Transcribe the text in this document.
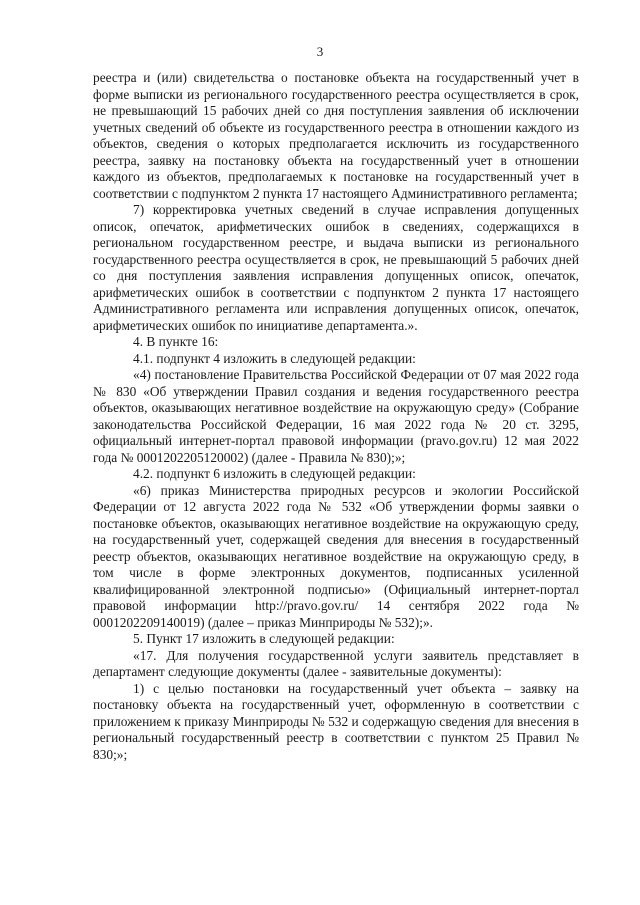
3

реестра и (или) свидетельства о постановке объекта на государственный учет в форме выписки из регионального государственного реестра осуществляется в срок, не превышающий 15 рабочих дней со дня поступления заявления об исключении учетных сведений об объекте из государственного реестра в отношении каждого из объектов, сведения о которых предполагается исключить из государственного реестра, заявку на постановку объекта на государственный учет в отношении каждого из объектов, предполагаемых к постановке на государственный учет в соответствии с подпунктом 2 пункта 17 настоящего Административного регламента;

7) корректировка учетных сведений в случае исправления допущенных описок, опечаток, арифметических ошибок в сведениях, содержащихся в региональном государственном реестре, и выдача выписки из регионального государственного реестра осуществляется в срок, не превышающий 5 рабочих дней со дня поступления заявления исправления допущенных описок, опечаток, арифметических ошибок в соответствии с подпунктом 2 пункта 17 настоящего Административного регламента или исправления допущенных описок, опечаток, арифметических ошибок по инициативе департамента.».

4. В пункте 16:

4.1. подпункт 4 изложить в следующей редакции:

«4) постановление Правительства Российской Федерации от 07 мая 2022 года № 830 «Об утверждении Правил создания и ведения государственного реестра объектов, оказывающих негативное воздействие на окружающую среду» (Собрание законодательства Российской Федерации, 16 мая 2022 года № 20 ст. 3295, официальный интернет-портал правовой информации (pravo.gov.ru) 12 мая 2022 года № 0001202205120002) (далее - Правила № 830);»;

4.2. подпункт 6 изложить в следующей редакции:

«6) приказ Министерства природных ресурсов и экологии Российской Федерации от 12 августа 2022 года № 532 «Об утверждении формы заявки о постановке объектов, оказывающих негативное воздействие на окружающую среду, на государственный учет, содержащей сведения для внесения в государственный реестр объектов, оказывающих негативное воздействие на окружающую среду, в том числе в форме электронных документов, подписанных усиленной квалифицированной электронной подписью» (Официальный интернет-портал правовой информации http://pravo.gov.ru/ 14 сентября 2022 года № 0001202209140019) (далее – приказ Минприроды № 532);».

5. Пункт 17 изложить в следующей редакции:

«17. Для получения государственной услуги заявитель представляет в департамент следующие документы (далее - заявительные документы):

1) с целью постановки на государственный учет объекта – заявку на постановку объекта на государственный учет, оформленную в соответствии с приложением к приказу Минприроды № 532 и содержащую сведения для внесения в региональный государственный реестр в соответствии с пунктом 25 Правил № 830;»;
